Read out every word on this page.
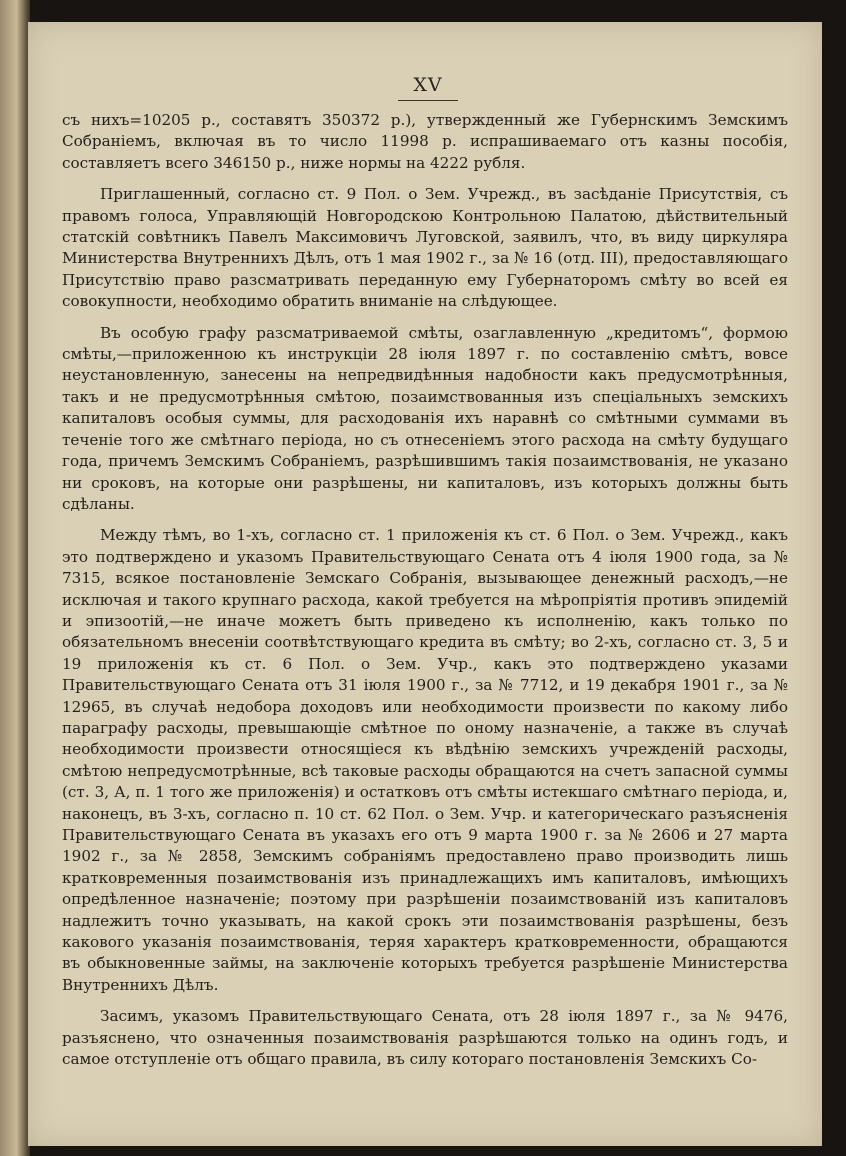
XV

съ нихъ=10205 р., составятъ 350372 р.), утвержденный же Губернскимъ Земскимъ Собраніемъ, включая въ то число 11998 р. испрашиваемаго отъ казны пособія, составляетъ всего 346150 р., ниже нормы на 4222 рубля.

Приглашенный, согласно ст. 9 Пол. о Зем. Учрежд., въ засѣданіе Присутствія, съ правомъ голоса, Управляющій Новгородскою Контрольною Палатою, дѣйствительный статскій совѣтникъ Павелъ Максимовичъ Луговской, заявилъ, что, въ виду циркуляра Министерства Внутреннихъ Дѣлъ, отъ 1 мая 1902 г., за № 16 (отд. III), предоставляющаго Присутствію право разсматривать переданную ему Губернаторомъ смѣту во всей ея совокупности, необходимо обратить вниманіе на слѣдующее.

Въ особую графу разсматриваемой смѣты, озаглавленную „кредитомъ“, формою смѣты,—приложенною къ инструкціи 28 іюля 1897 г. по составленію смѣтъ, вовсе неустановленную, занесены на непредвидѣнныя надобности какъ предусмотрѣнныя, такъ и не предусмотрѣнныя смѣтою, позаимствованныя изъ спеціальныхъ земскихъ капиталовъ особыя суммы, для расходованія ихъ наравнѣ со смѣтными суммами въ теченіе того же смѣтнаго періода, но съ отнесеніемъ этого расхода на смѣту будущаго года, причемъ Земскимъ Собраніемъ, разрѣшившимъ такія позаимствованія, не указано ни сроковъ, на которые они разрѣшены, ни капиталовъ, изъ которыхъ должны быть сдѣланы.

Между тѣмъ, во 1-хъ, согласно ст. 1 приложенія къ ст. 6 Пол. о Зем. Учрежд., какъ это подтверждено и указомъ Правительствующаго Сената отъ 4 іюля 1900 года, за № 7315, всякое постановленіе Земскаго Собранія, вызывающее денежный расходъ,—не исключая и такого крупнаго расхода, какой требуется на мѣропріятія противъ эпидемій и эпизоотій,—не иначе можетъ быть приведено къ исполненію, какъ только по обязательномъ внесеніи соотвѣтствующаго кредита въ смѣту; во 2-хъ, согласно ст. 3, 5 и 19 приложенія къ ст. 6 Пол. о Зем. Учр., какъ это подтверждено указами Правительствующаго Сената отъ 31 іюля 1900 г., за № 7712, и 19 декабря 1901 г., за № 12965, въ случаѣ недобора доходовъ или необходимости произвести по какому либо параграфу расходы, превышающіе смѣтное по оному назначеніе, а также въ случаѣ необходимости произвести относящіеся къ вѣдѣнію земскихъ учрежденій расходы, смѣтою непредусмотрѣнные, всѣ таковые расходы обращаются на счетъ запасной суммы (ст. 3, А, п. 1 того же приложенія) и остатковъ отъ смѣты истекшаго смѣтнаго періода, и, наконецъ, въ 3-хъ, согласно п. 10 ст. 62 Пол. о Зем. Учр. и категорическаго разъясненія Правительствующаго Сената въ указахъ его отъ 9 марта 1900 г. за № 2606 и 27 марта 1902 г., за № 2858, Земскимъ собраніямъ предоставлено право производить лишь кратковременныя позаимствованія изъ принадлежащихъ имъ капиталовъ, имѣющихъ опредѣленное назначеніе; поэтому при разрѣшеніи позаимствованій изъ капиталовъ надлежитъ точно указывать, на какой срокъ эти позаимствованія разрѣшены, безъ какового указанія позаимствованія, теряя характеръ кратковременности, обращаются въ обыкновенные займы, на заключеніе которыхъ требуется разрѣшеніе Министерства Внутреннихъ Дѣлъ.

Засимъ, указомъ Правительствующаго Сената, отъ 28 іюля 1897 г., за № 9476, разъяснено, что означенныя позаимствованія разрѣшаются только на одинъ годъ, и самое отступленіе отъ общаго правила, въ силу котораго постановленія Земскихъ Со-
